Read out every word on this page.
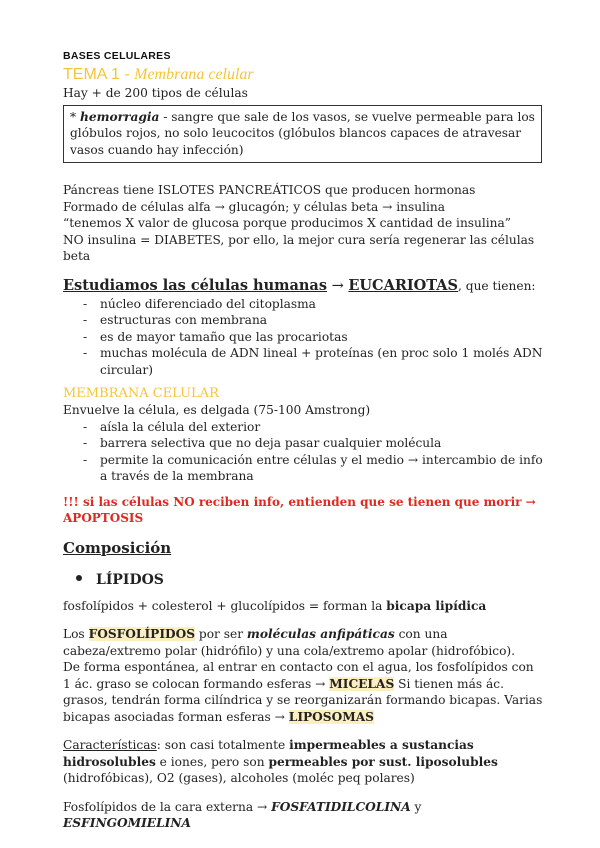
BASES CELULARES
TEMA 1 - Membrana celular
Hay + de 200 tipos de células
* hemorragia - sangre que sale de los vasos, se vuelve permeable para los glóbulos rojos, no solo leucocitos (glóbulos blancos capaces de atravesar vasos cuando hay infección)
Páncreas tiene ISLOTES PANCREÁTICOS que producen hormonas
Formado de células alfa → glucagón; y células beta → insulina
“tenemos X valor de glucosa porque producimos X cantidad de insulina”
NO insulina = DIABETES, por ello, la mejor cura sería regenerar las células beta
Estudiamos las células humanas → EUCARIOTAS, que tienen:
- núcleo diferenciado del citoplasma
- estructuras con membrana
- es de mayor tamaño que las procariotas
- muchas molécula de ADN lineal + proteínas (en proc solo 1 molés ADN circular)
MEMBRANA CELULAR
Envuelve la célula, es delgada (75-100 Amstrong)
- aísla la célula del exterior
- barrera selectiva que no deja pasar cualquier molécula
- permite la comunicación entre células y el medio → intercambio de info a través de la membrana
!!! si las células NO reciben info, entienden que se tienen que morir → APOPTOSIS
Composición
LÍPIDOS
fosfolípidos + colesterol + glucolípidos = forman la bicapa lipídica
Los FOSFOLÍPIDOS por ser moléculas anfipáticas con una cabeza/extremo polar (hidrófilo) y una cola/extremo apolar (hidrofóbico).
De forma espontánea, al entrar en contacto con el agua, los fosfolípidos con 1 ác. graso se colocan formando esferas → MICELAS Si tienen más ác. grasos, tendrán forma cilíndrica y se reorganizarán formando bicapas. Varias bicapas asociadas forman esferas → LIPOSOMAS
Características: son casi totalmente impermeables a sustancias hidrosolubles e iones, pero son permeables por sust. liposolubles (hidrofóbicas), O2 (gases), alcoholes (moléc peq polares)
Fosfolípidos de la cara externa → FOSFATIDILCOLINA y ESFINGOMIELINA
